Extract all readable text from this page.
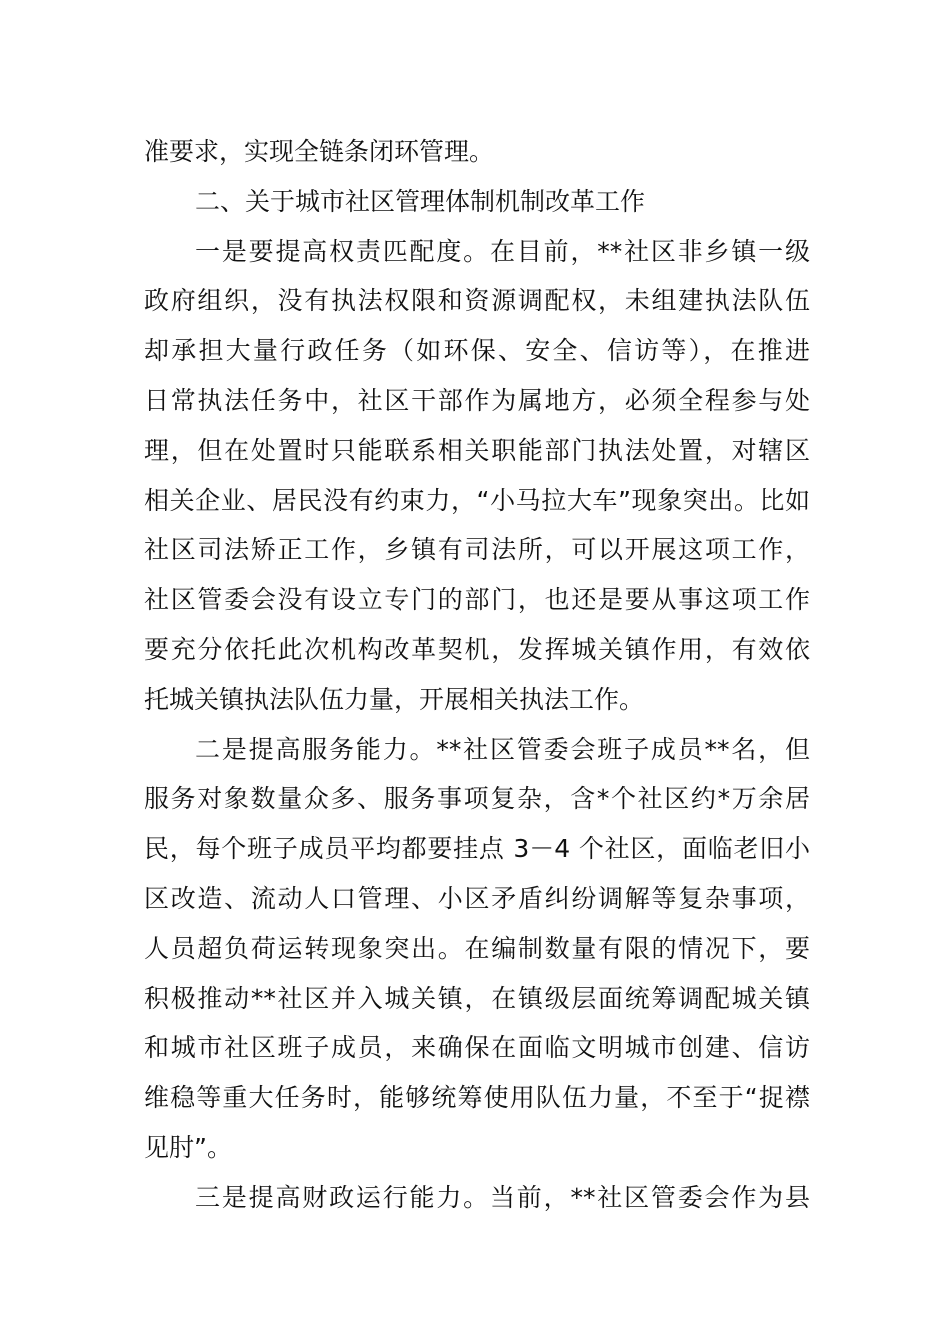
准要求，实现全链条闭环管理。
二、关于城市社区管理体制机制改革工作
一是要提高权责匹配度。在目前，**社区非乡镇一级
政府组织，没有执法权限和资源调配权，未组建执法队伍
却承担大量行政任务（如环保、安全、信访等），在推进
日常执法任务中，社区干部作为属地方，必须全程参与处
理，但在处置时只能联系相关职能部门执法处置，对辖区
相关企业、居民没有约束力，“小马拉大车”现象突出。比如
社区司法矫正工作，乡镇有司法所，可以开展这项工作，
社区管委会没有设立专门的部门，也还是要从事这项工作
要充分依托此次机构改革契机，发挥城关镇作用，有效依
托城关镇执法队伍力量，开展相关执法工作。
二是提高服务能力。**社区管委会班子成员**名，但
服务对象数量众多、服务事项复杂，含*个社区约*万余居
民，每个班子成员平均都要挂点 3－4 个社区，面临老旧小
区改造、流动人口管理、小区矛盾纠纷调解等复杂事项，
人员超负荷运转现象突出。在编制数量有限的情况下，要
积极推动**社区并入城关镇，在镇级层面统筹调配城关镇
和城市社区班子成员，来确保在面临文明城市创建、信访
维稳等重大任务时，能够统筹使用队伍力量，不至于“捉襟
见肘”。
三是提高财政运行能力。当前，**社区管委会作为县
